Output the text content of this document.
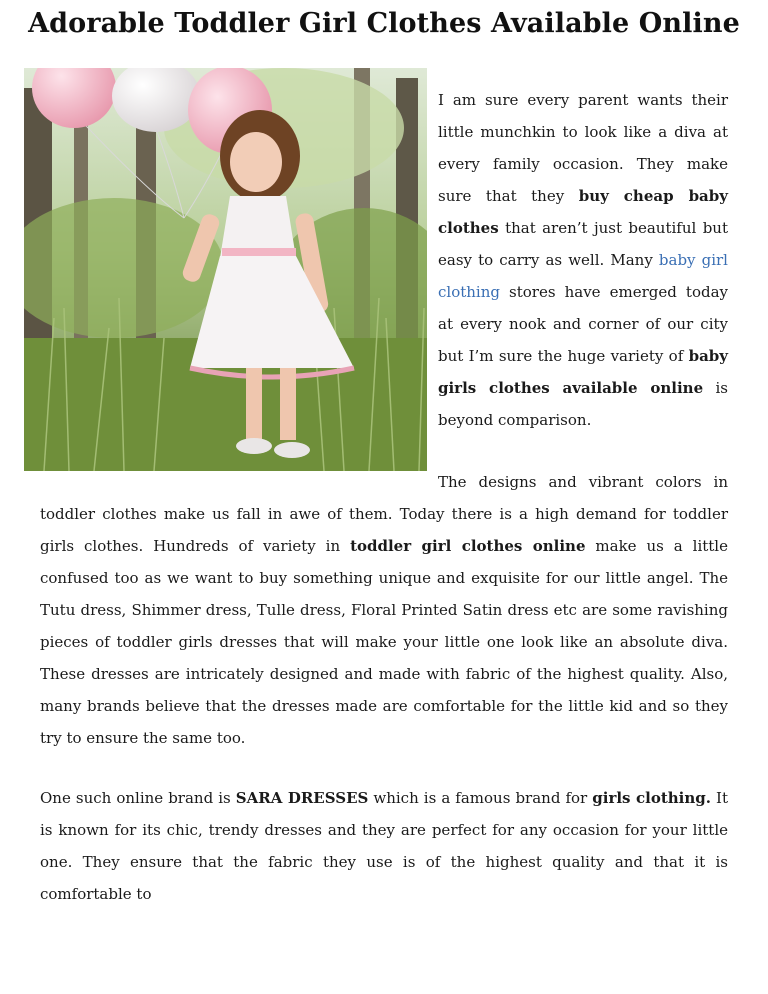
Adorable Toddler Girl Clothes Available Online

I am sure every parent wants their little munchkin to look like a diva at every family occasion. They make sure that they buy cheap baby clothes that aren’t just beautiful but easy to carry as well. Many baby girl clothing stores have emerged today at every nook and corner of our city but I’m sure the huge variety of baby girls clothes available online is beyond comparison.

The designs and vibrant colors in

toddler clothes make us fall in awe of them. Today there is a high demand for toddler girls clothes. Hundreds of variety in toddler girl clothes online make us a little confused too as we want to buy something unique and exquisite for our little angel. The Tutu dress, Shimmer dress, Tulle dress, Floral Printed Satin dress etc are some ravishing pieces of toddler girls dresses that will make your little one look like an absolute diva. These dresses are intricately designed and made with fabric of the highest quality. Also, many brands believe that the dresses made are comfortable for the little kid and so they try to ensure the same too.

One such online brand is SARA DRESSES which is a famous brand for girls clothing. It is known for its chic, trendy dresses and they are perfect for any occasion for your little one. They ensure that the fabric they use is of the highest quality and that it is comfortable to
